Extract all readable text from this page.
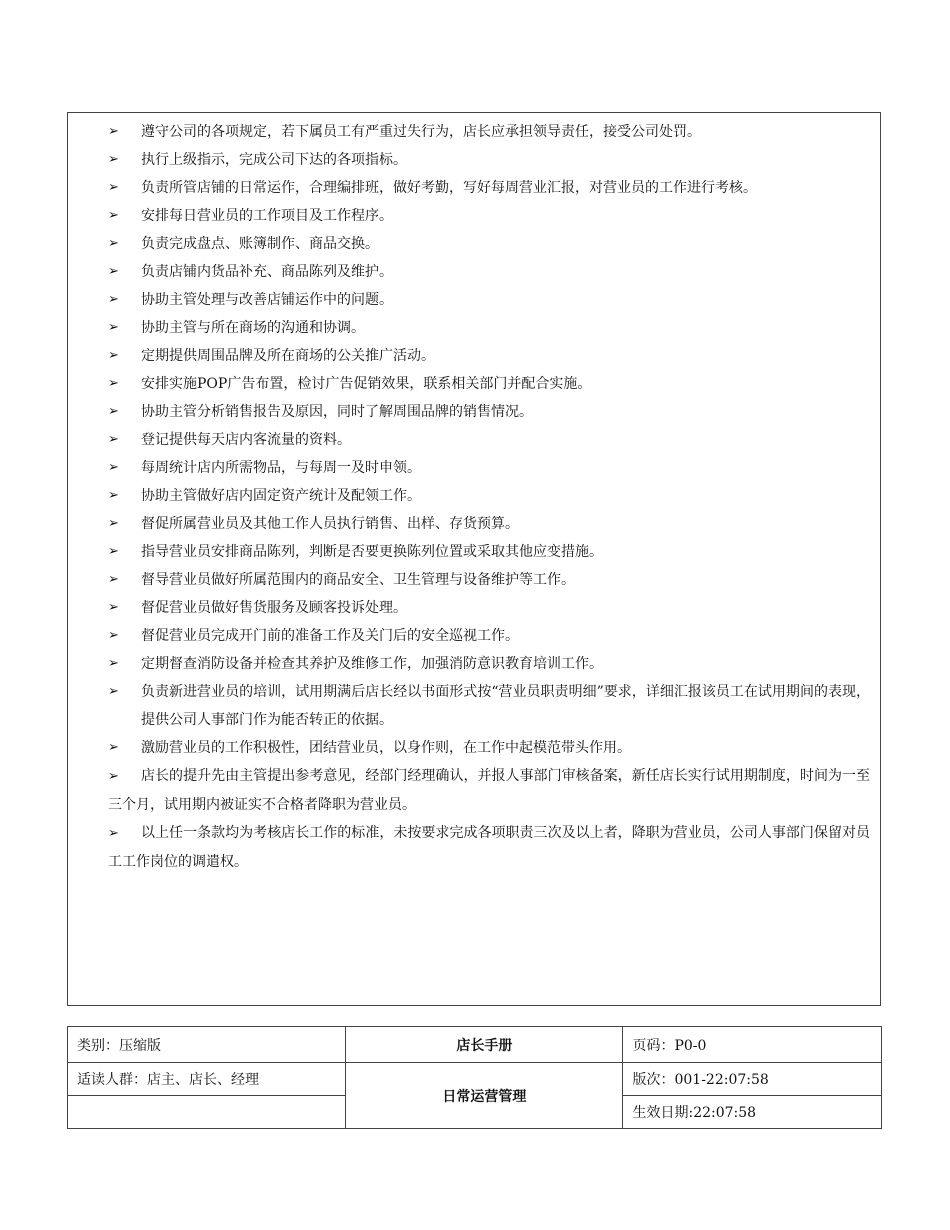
➢ 遵守公司的各项规定，若下属员工有严重过失行为，店长应承担领导责任，接受公司处罚。
➢ 执行上级指示，完成公司下达的各项指标。
➢ 负责所管店铺的日常运作，合理编排班，做好考勤，写好每周营业汇报，对营业员的工作进行考核。
➢ 安排每日营业员的工作项目及工作程序。
➢ 负责完成盘点、账簿制作、商品交换。
➢ 负责店铺内货品补充、商品陈列及维护。
➢ 协助主管处理与改善店铺运作中的问题。
➢ 协助主管与所在商场的沟通和协调。
➢ 定期提供周围品牌及所在商场的公关推广活动。
➢ 安排实施POP广告布置，检讨广告促销效果，联系相关部门并配合实施。
➢ 协助主管分析销售报告及原因，同时了解周围品牌的销售情况。
➢ 登记提供每天店内客流量的资料。
➢ 每周统计店内所需物品，与每周一及时申领。
➢ 协助主管做好店内固定资产统计及配领工作。
➢ 督促所属营业员及其他工作人员执行销售、出样、存货预算。
➢ 指导营业员安排商品陈列，判断是否要更换陈列位置或采取其他应变措施。
➢ 督导营业员做好所属范围内的商品安全、卫生管理与设备维护等工作。
➢ 督促营业员做好售货服务及顾客投诉处理。
➢ 督促营业员完成开门前的准备工作及关门后的安全巡视工作。
➢ 定期督查消防设备并检查其养护及维修工作，加强消防意识教育培训工作。
➢ 负责新进营业员的培训，试用期满后店长经以书面形式按“营业员职责明细”要求，详细汇报该员工在试用期间的表现，提供公司人事部门作为能否转正的依据。
➢ 激励营业员的工作积极性，团结营业员，以身作则，在工作中起模范带头作用。
➢ 店长的提升先由主管提出参考意见，经部门经理确认，并报人事部门审核备案，新任店长实行试用期制度，时间为一至三个月，试用期内被证实不合格者降职为营业员。
➢ 以上任一条款均为考核店长工作的标准，未按要求完成各项职责三次及以上者，降职为营业员，公司人事部门保留对员工工作岗位的调遣权。
类别：压缩版	店长手册	页码：P0-0
适读人群：店主、店长、经理	日常运营管理	版次：001-22:07:58
		生效日期:22:07:58
